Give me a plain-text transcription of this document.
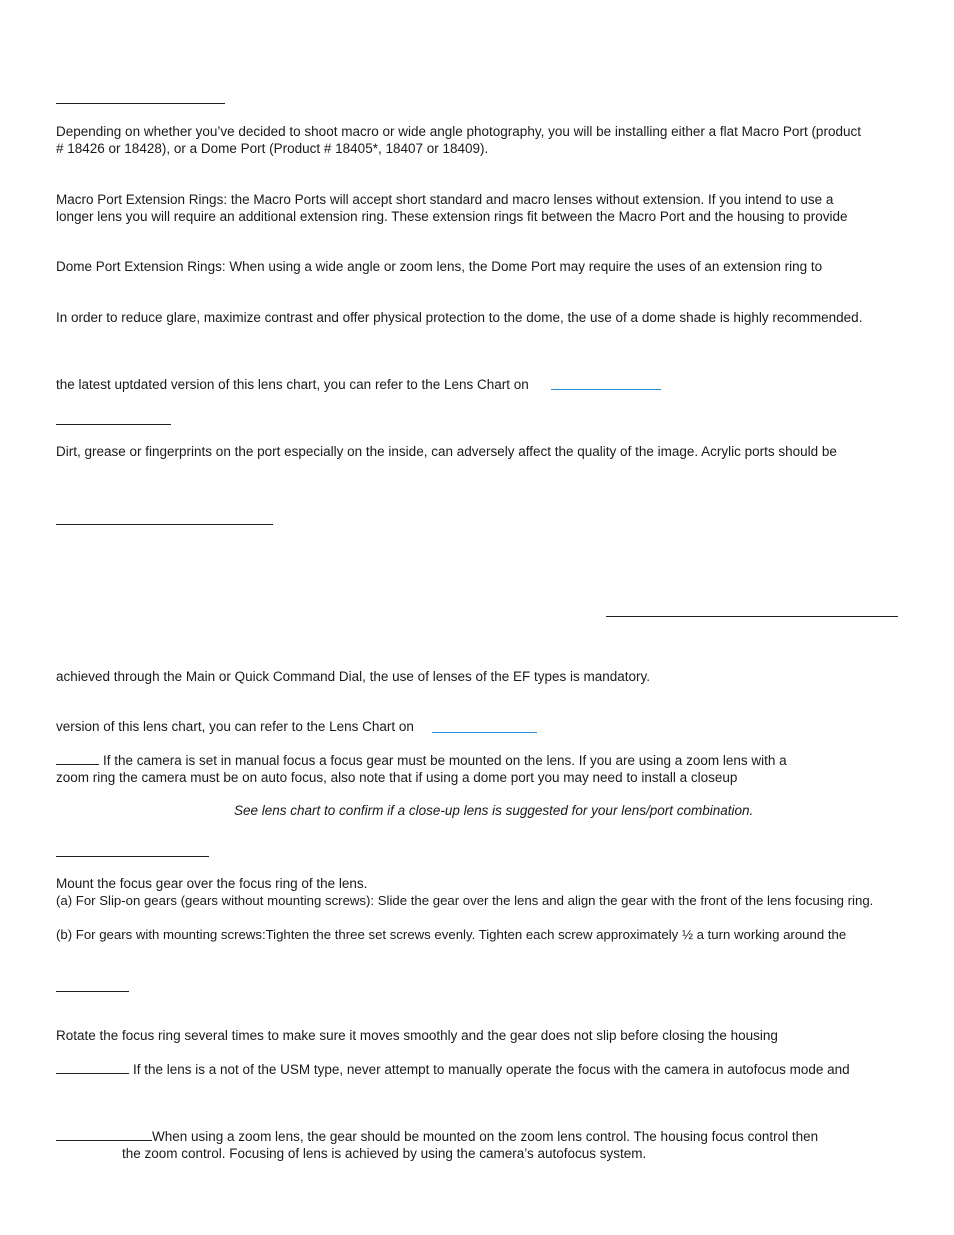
Depending on whether you’ve decided to shoot macro or wide angle photography, you will be installing either a flat Macro Port (product

# 18426 or 18428), or a Dome Port (Product # 18405*, 18407 or 18409).

Macro Port Extension Rings: the Macro Ports will accept short standard and macro lenses without extension. If you intend to use a

longer lens you will require an additional extension ring. These extension rings fit between the Macro Port and the housing to provide

Dome Port Extension Rings: When using a wide angle or zoom lens, the Dome Port may require the uses of an extension ring to

In order to reduce glare, maximize contrast and offer physical protection to the dome, the use of a dome shade is highly recommended.

the latest uptdated version of this lens chart, you can refer to the Lens Chart on

Dirt, grease or fingerprints on the port especially on the inside, can adversely affect the quality of the image. Acrylic ports should be

achieved through the Main or Quick Command Dial, the use of lenses of the EF types is mandatory.

version of this lens chart, you can refer to the Lens Chart on

If the camera is set in manual focus a focus gear must be mounted on the lens. If you are using a zoom lens with a

zoom ring the camera must be on auto focus, also note that if using a dome port you may need to install a closeup

See lens chart to confirm if a close-up lens is suggested for your lens/port combination.

Mount the focus gear over the focus ring of the lens.

(a) For Slip-on gears (gears without mounting screws): Slide the gear over the lens and align the gear with the front of the lens focusing ring.

(b) For gears with mounting screws:Tighten the three set screws evenly. Tighten each screw approximately ½ a turn working around the

Rotate the focus ring several times to make sure it moves smoothly and the gear does not slip before closing the housing

If the lens is a not of the USM type, never attempt to manually operate the focus with the camera in autofocus mode and

When using a zoom lens, the gear should be mounted on the zoom lens control. The housing focus control then

the zoom control. Focusing of lens is achieved by using the camera’s autofocus system.
